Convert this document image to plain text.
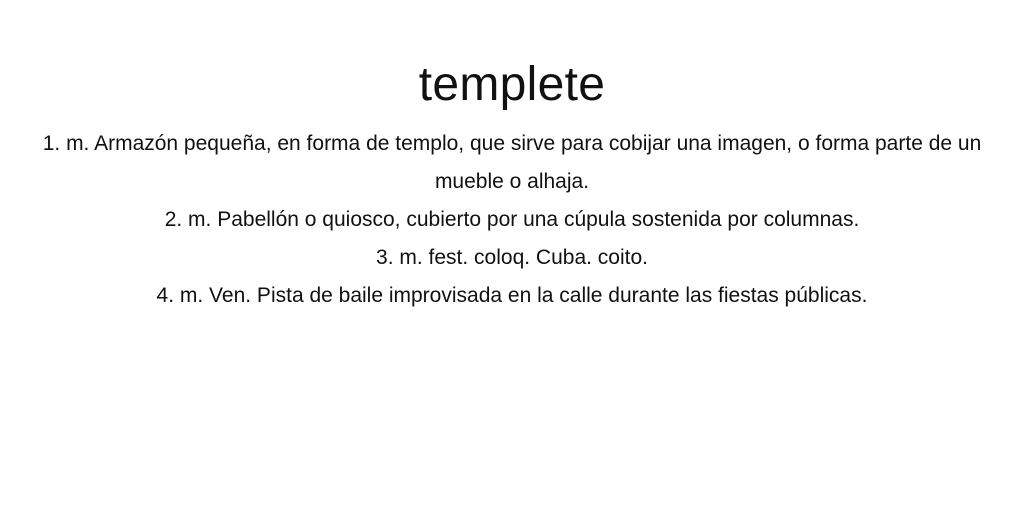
templete
1. m. Armazón pequeña, en forma de templo, que sirve para cobijar una imagen, o forma parte de un mueble o alhaja.
2. m. Pabellón o quiosco, cubierto por una cúpula sostenida por columnas.
3. m. fest. coloq. Cuba. coito.
4. m. Ven. Pista de baile improvisada en la calle durante las fiestas públicas.
